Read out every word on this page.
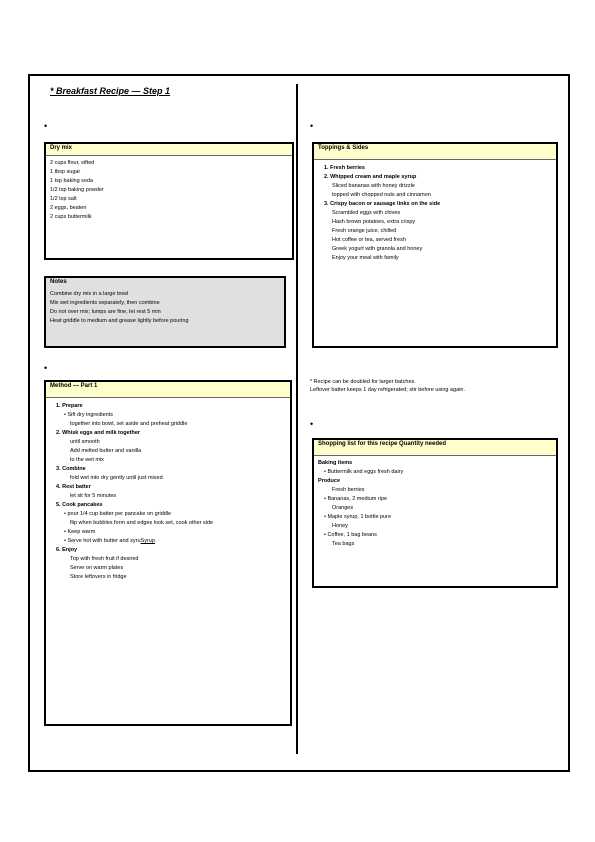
* Breakfast Recipe — Step 1
•
•
•
•
Dry mix
2 cups flour, sifted
1 tbsp sugar
1 tsp baking soda
1/2 tsp baking powder
1/2 tsp salt
2 eggs, beaten
2 cups buttermilk
Notes
Combine dry mix in a large bowl
Mix wet ingredients separately, then combine
Do not over mix; lumps are fine, let rest 5 min
Heat griddle to medium and grease lightly before pouring
Method — Part 1
1. Prepare
• Sift dry ingredients
together into bowl, set aside and preheat griddle
2. Whisk eggs and milk together
until smooth
Add melted butter and vanilla
to the wet mix
3. Combine
fold wet into dry gently until just mixed
4. Rest batter
let sit for 5 minutes
5. Cook pancakes
• pour 1/4 cup batter per pancake on griddle
flip when bubbles form and edges look set, cook other side
• Keep warm
• Serve hot with butter and syruSyrup
6. Enjoy
Top with fresh fruit if desired
Serve on warm plates
Store leftovers in fridge
Toppings & Sides
1. Fresh berries
2. Whipped cream and maple syrup
Sliced bananas with honey drizzle
topped with chopped nuts and cinnamon
3. Crispy bacon or sausage links on the side
Scrambled eggs with chives
Hash brown potatoes, extra crispy
Fresh orange juice, chilled
Hot coffee or tea, served fresh
Greek yogurt with granola and honey
Enjoy your meal with family
* Recipe can be doubled for larger batches.
Leftover batter keeps 1 day refrigerated; stir before using again.
Shopping list for this recipe Quantity needed
Baking items
• Buttermilk and eggs fresh dairy
Produce
Fresh berries
• Bananas, 2 medium ripe
Oranges
• Maple syrup, 1 bottle pure
Honey
• Coffee, 1 bag beans
Tea bags
